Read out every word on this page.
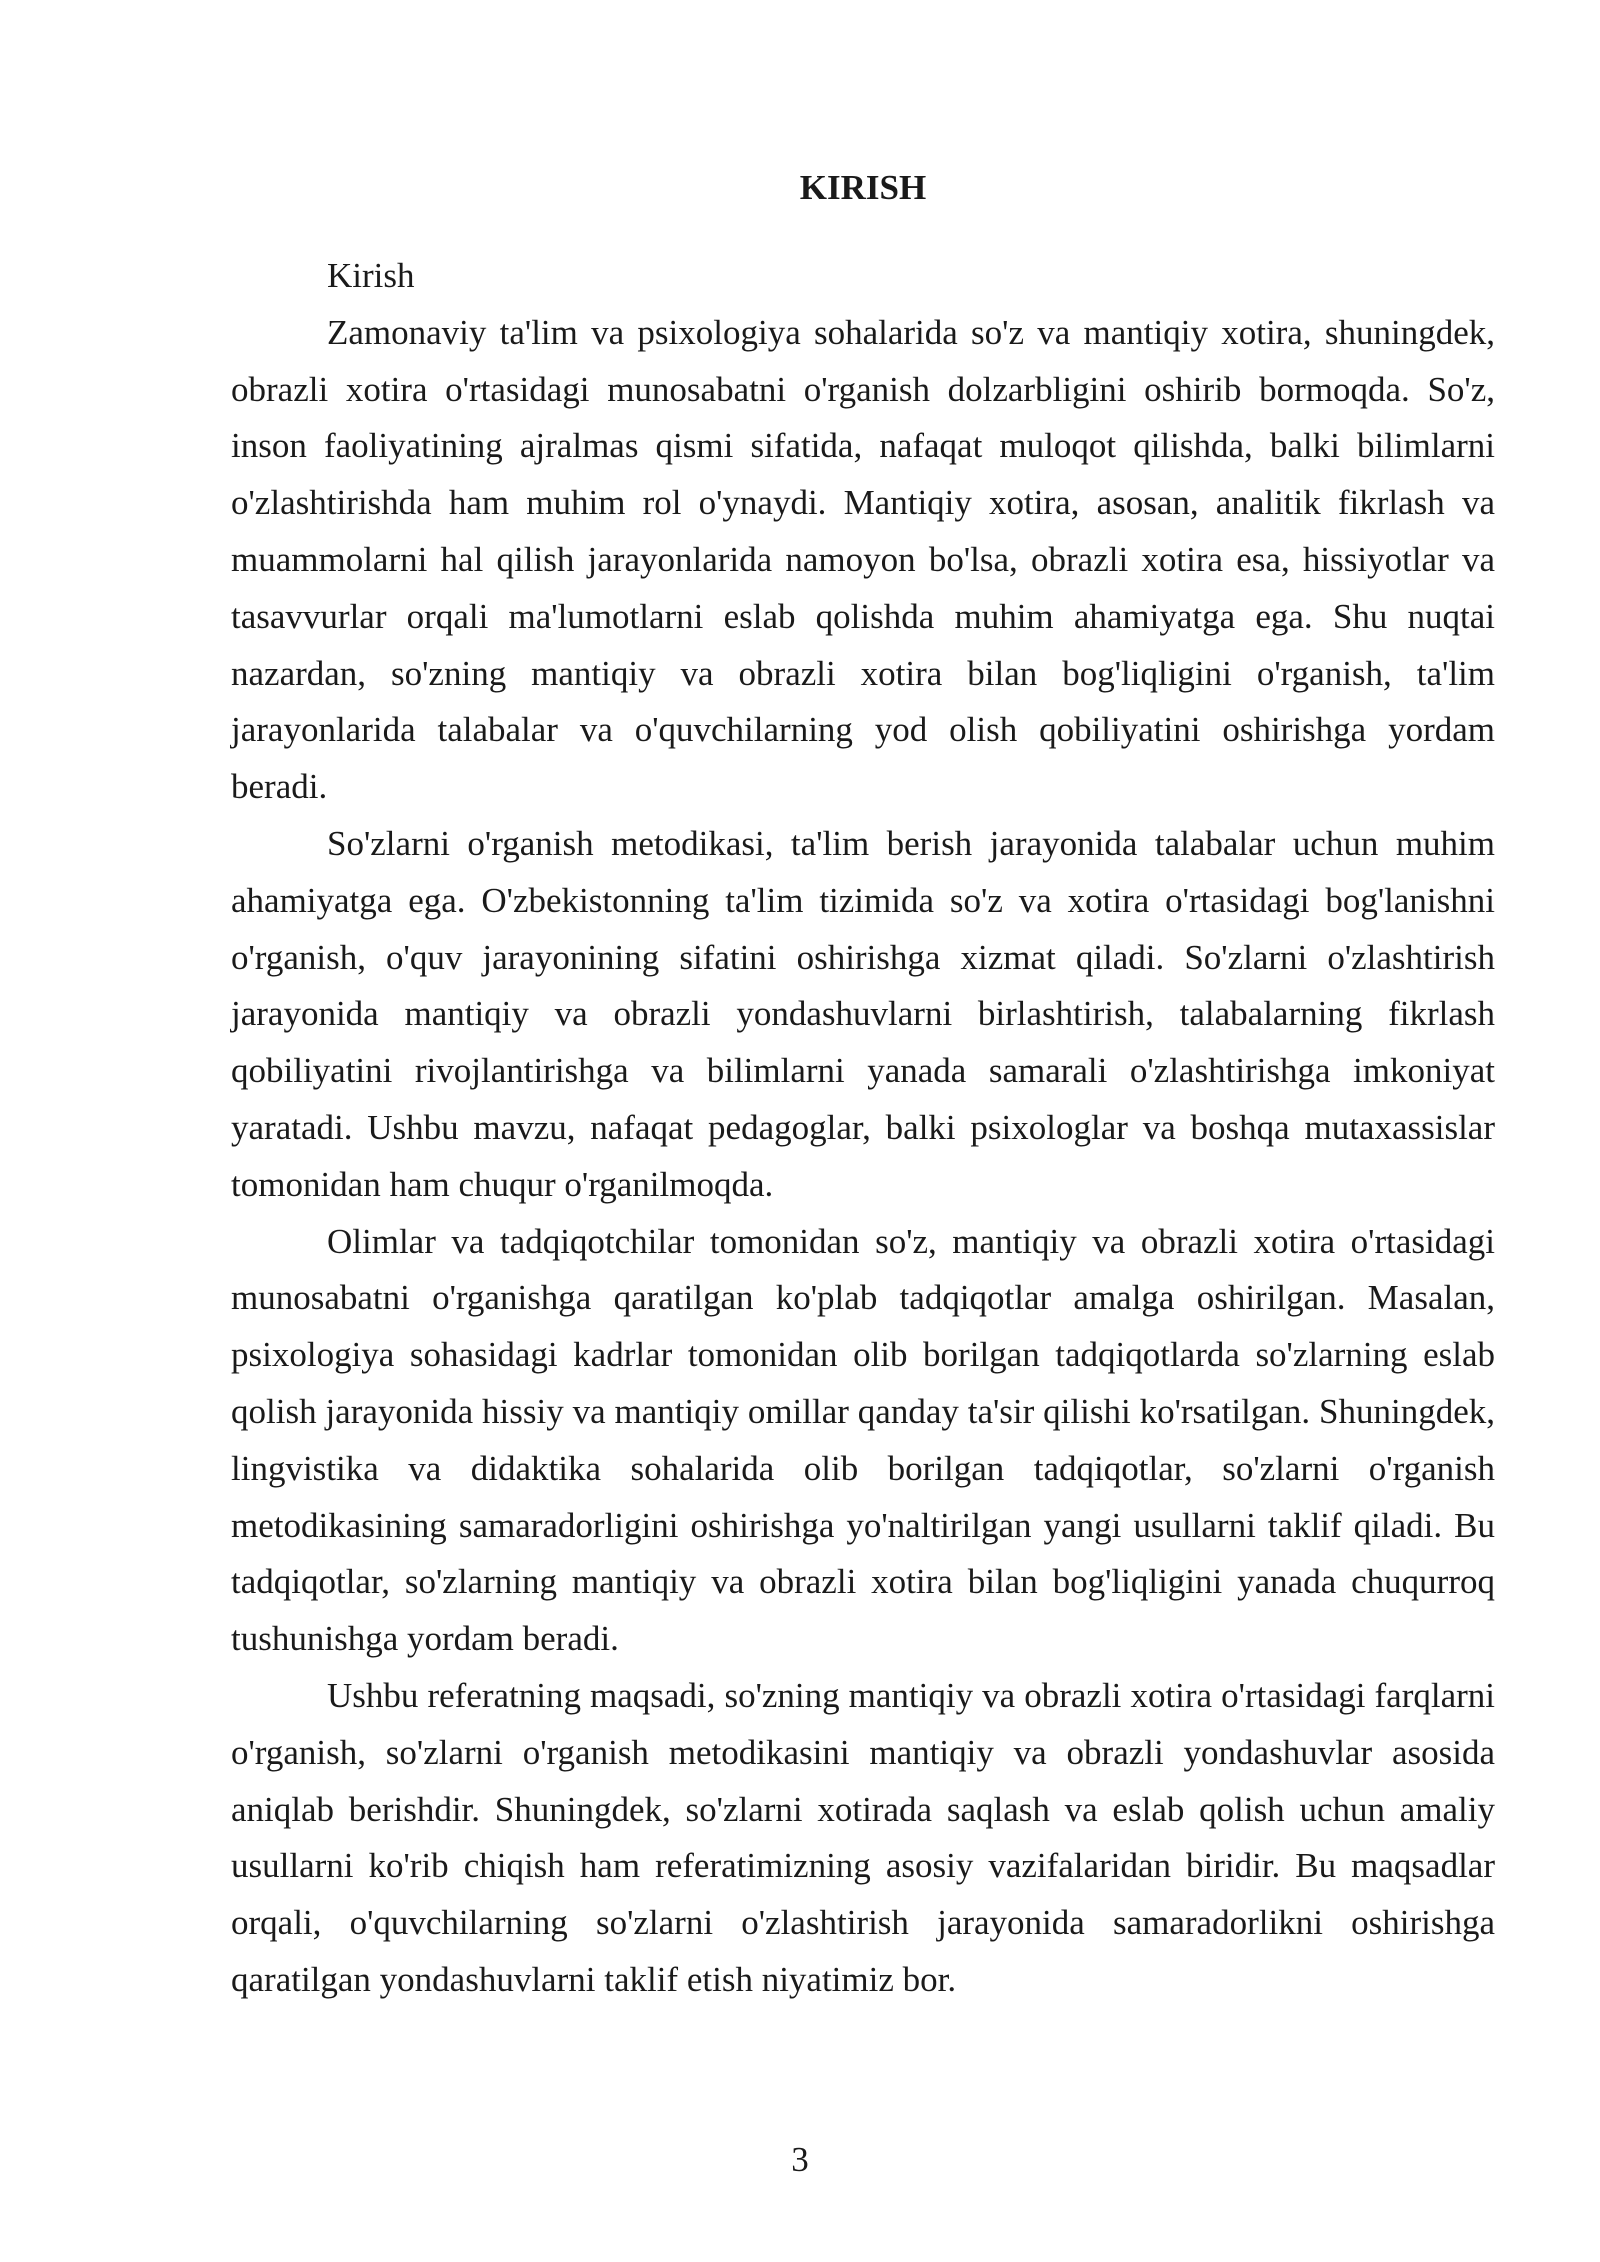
KIRISH

Kirish

Zamonaviy ta'lim va psixologiya sohalarida so'z va mantiqiy xotira, shuningdek, obrazli xotira o'rtasidagi munosabatni o'rganish dolzarbligini oshirib bormoqda. So'z, inson faoliyatining ajralmas qismi sifatida, nafaqat muloqot qilishda, balki bilimlarni o'zlashtirishda ham muhim rol o'ynaydi. Mantiqiy xotira, asosan, analitik fikrlash va muammolarni hal qilish jarayonlarida namoyon bo'lsa, obrazli xotira esa, hissiyotlar va tasavvurlar orqali ma'lumotlarni eslab qolishda muhim ahamiyatga ega. Shu nuqtai nazardan, so'zning mantiqiy va obrazli xotira bilan bog'liqligini o'rganish, ta'lim jarayonlarida talabalar va o'quvchilarning yod olish qobiliyatini oshirishga yordam beradi.

So'zlarni o'rganish metodikasi, ta'lim berish jarayonida talabalar uchun muhim ahamiyatga ega. O'zbekistonning ta'lim tizimida so'z va xotira o'rtasidagi bog'lanishni o'rganish, o'quv jarayonining sifatini oshirishga xizmat qiladi. So'zlarni o'zlashtirish jarayonida mantiqiy va obrazli yondashuvlarni birlashtirish, talabalarning fikrlash qobiliyatini rivojlantirishga va bilimlarni yanada samarali o'zlashtirishga imkoniyat yaratadi. Ushbu mavzu, nafaqat pedagoglar, balki psixologlar va boshqa mutaxassislar tomonidan ham chuqur o'rganilmoqda.

Olimlar va tadqiqotchilar tomonidan so'z, mantiqiy va obrazli xotira o'rtasidagi munosabatni o'rganishga qaratilgan ko'plab tadqiqotlar amalga oshirilgan. Masalan, psixologiya sohasidagi kadrlar tomonidan olib borilgan tadqiqotlarda so'zlarning eslab qolish jarayonida hissiy va mantiqiy omillar qanday ta'sir qilishi ko'rsatilgan. Shuningdek, lingvistika va didaktika sohalarida olib borilgan tadqiqotlar, so'zlarni o'rganish metodikasining samaradorligini oshirishga yo'naltirilgan yangi usullarni taklif qiladi. Bu tadqiqotlar, so'zlarning mantiqiy va obrazli xotira bilan bog'liqligini yanada chuqurroq tushunishga yordam beradi.

Ushbu referatning maqsadi, so'zning mantiqiy va obrazli xotira o'rtasidagi farqlarni o'rganish, so'zlarni o'rganish metodikasini mantiqiy va obrazli yondashuvlar asosida aniqlab berishdir. Shuningdek, so'zlarni xotirada saqlash va eslab qolish uchun amaliy usullarni ko'rib chiqish ham referatimizning asosiy vazifalaridan biridir. Bu maqsadlar orqali, o'quvchilarning so'zlarni o'zlashtirish jarayonida samaradorlikni oshirishga qaratilgan yondashuvlarni taklif etish niyatimiz bor.

3
